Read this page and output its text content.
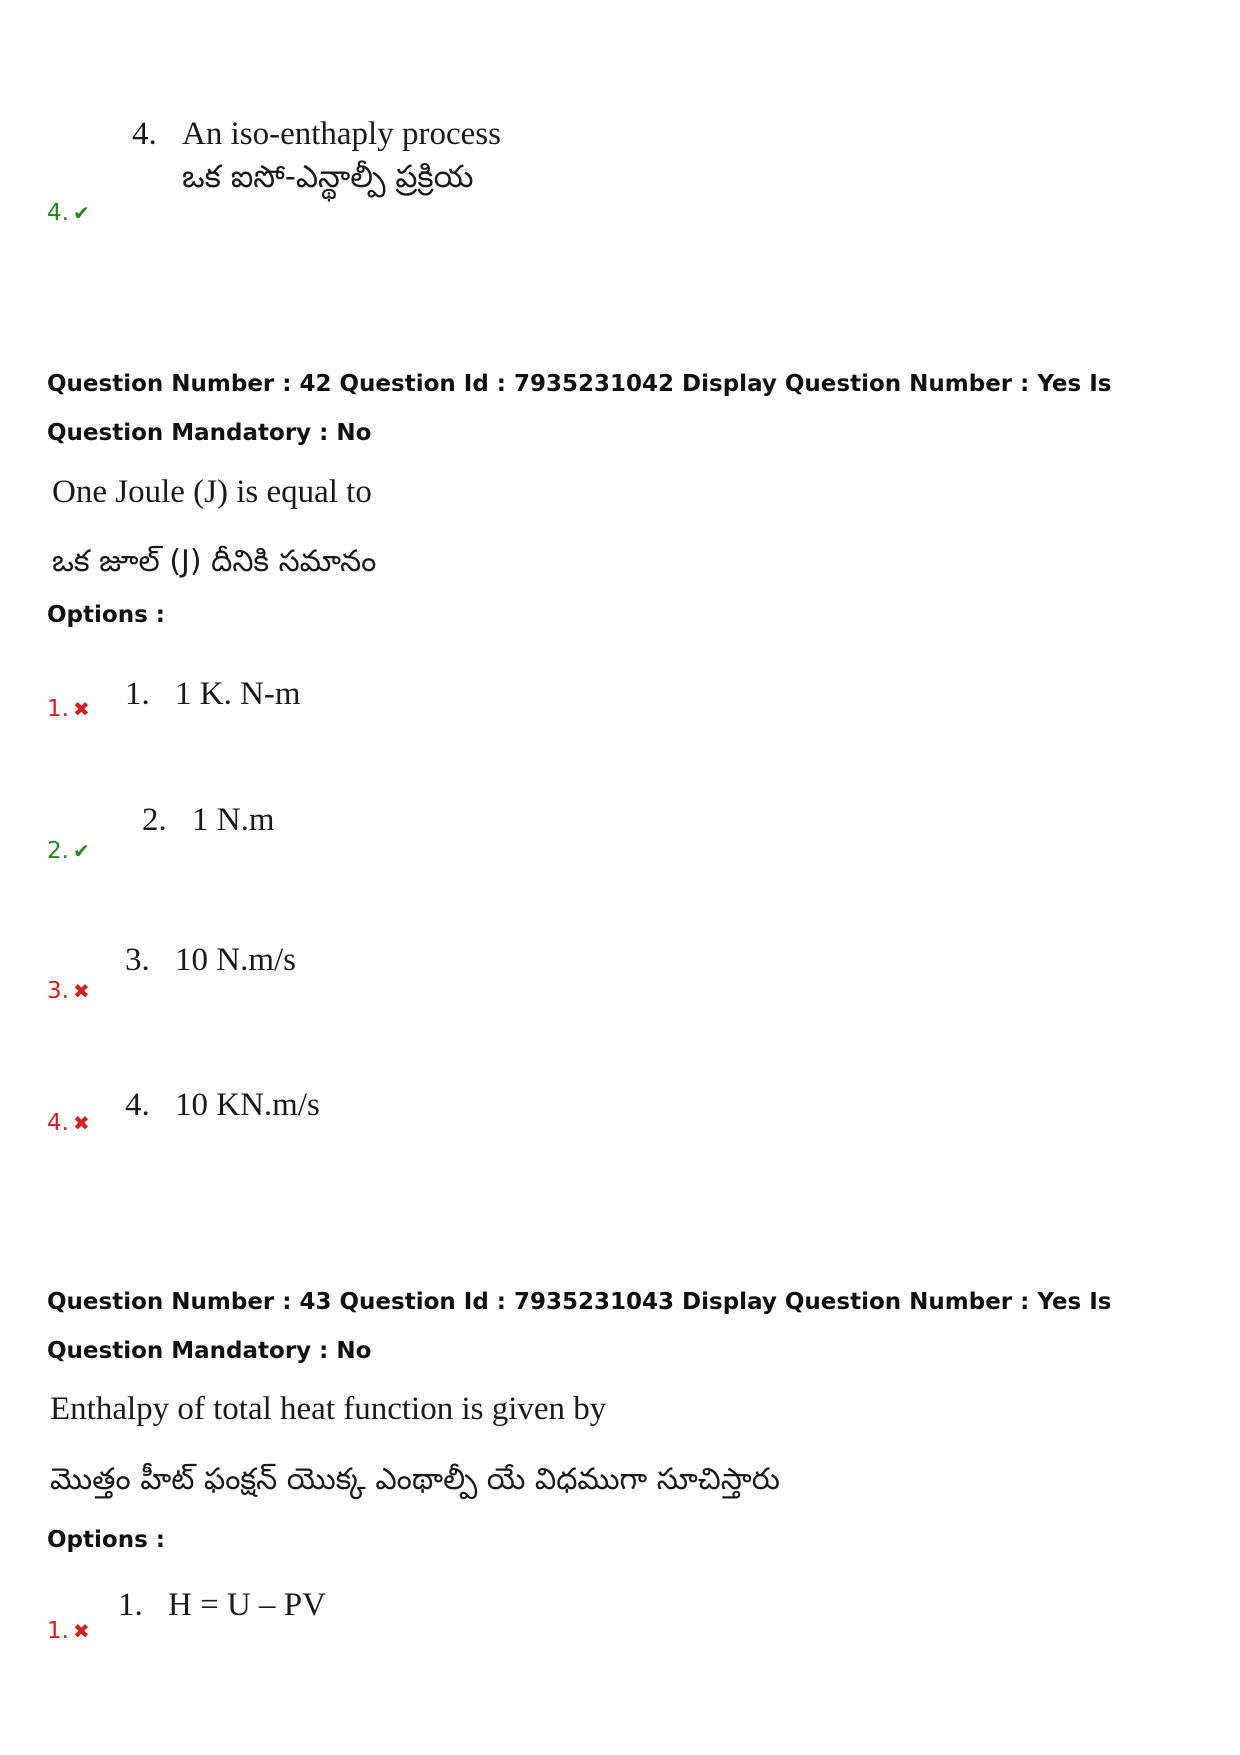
4. An iso-enthaply process
ఒక ఐసో-ఎన్థాల్పీ ప్రక్రియ
4. ✔
Question Number : 42 Question Id : 7935231042 Display Question Number : Yes Is Question Mandatory : No
One Joule (J) is equal to
ఒక జూల్ (J) దీనికి సమానం
Options :
1. 1 K. N-m
1. ✖
2. 1 N.m
2. ✔
3. 10 N.m/s
3. ✖
4. 10 KN.m/s
4. ✖
Question Number : 43 Question Id : 7935231043 Display Question Number : Yes Is Question Mandatory : No
Enthalpy of total heat function is given by
మొత్తం హీట్ ఫంక్షన్ యొక్క ఎంథాల్పీ యే విధముగా సూచిస్తారు
Options :
1. H = U – PV
1. ✖
